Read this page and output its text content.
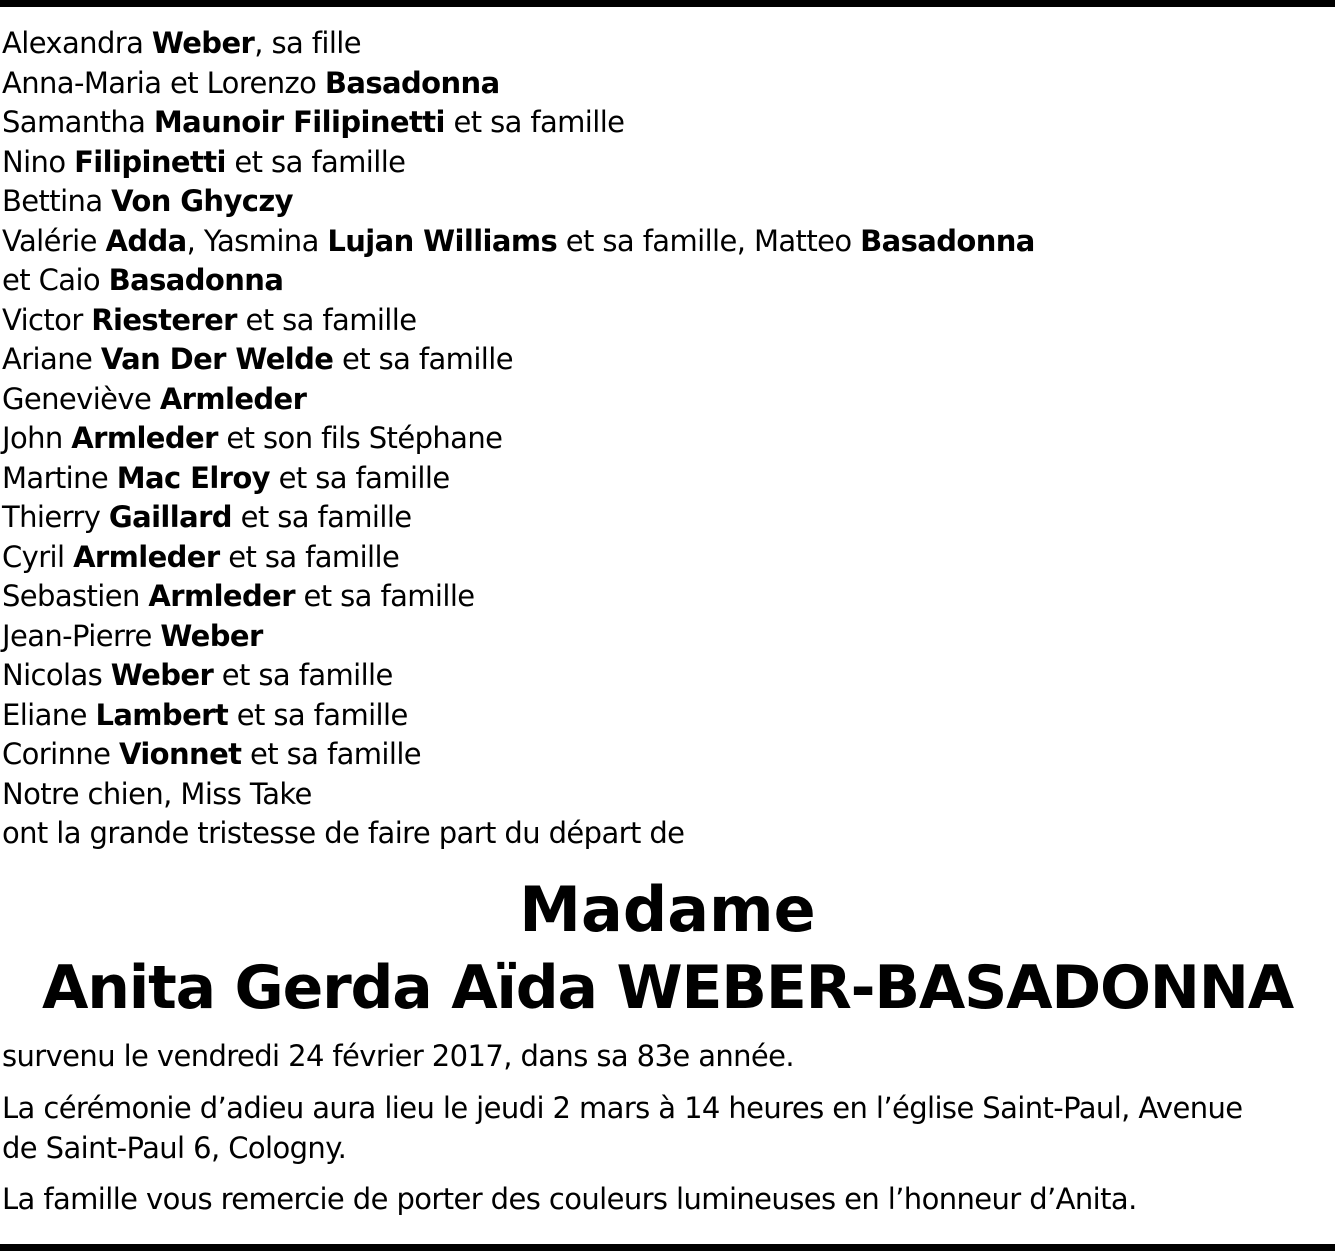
Alexandra Weber, sa fille
Anna-Maria et Lorenzo Basadonna
Samantha Maunoir Filipinetti et sa famille
Nino Filipinetti et sa famille
Bettina Von Ghyczy
Valérie Adda, Yasmina Lujan Williams et sa famille, Matteo Basadonna
et Caio Basadonna
Victor Riesterer et sa famille
Ariane Van Der Welde et sa famille
Geneviève Armleder
John Armleder et son fils Stéphane
Martine Mac Elroy et sa famille
Thierry Gaillard et sa famille
Cyril Armleder et sa famille
Sebastien Armleder et sa famille
Jean-Pierre Weber
Nicolas Weber et sa famille
Eliane Lambert et sa famille
Corinne Vionnet et sa famille
Notre chien, Miss Take
ont la grande tristesse de faire part du départ de
Madame
Anita Gerda Aïda WEBER-BASADONNA
survenu le vendredi 24 février 2017, dans sa 83e année.
La cérémonie d’adieu aura lieu le jeudi 2 mars à 14 heures en l’église Saint-Paul, Avenue
de Saint-Paul 6, Cologny.
La famille vous remercie de porter des couleurs lumineuses en l’honneur d’Anita.
